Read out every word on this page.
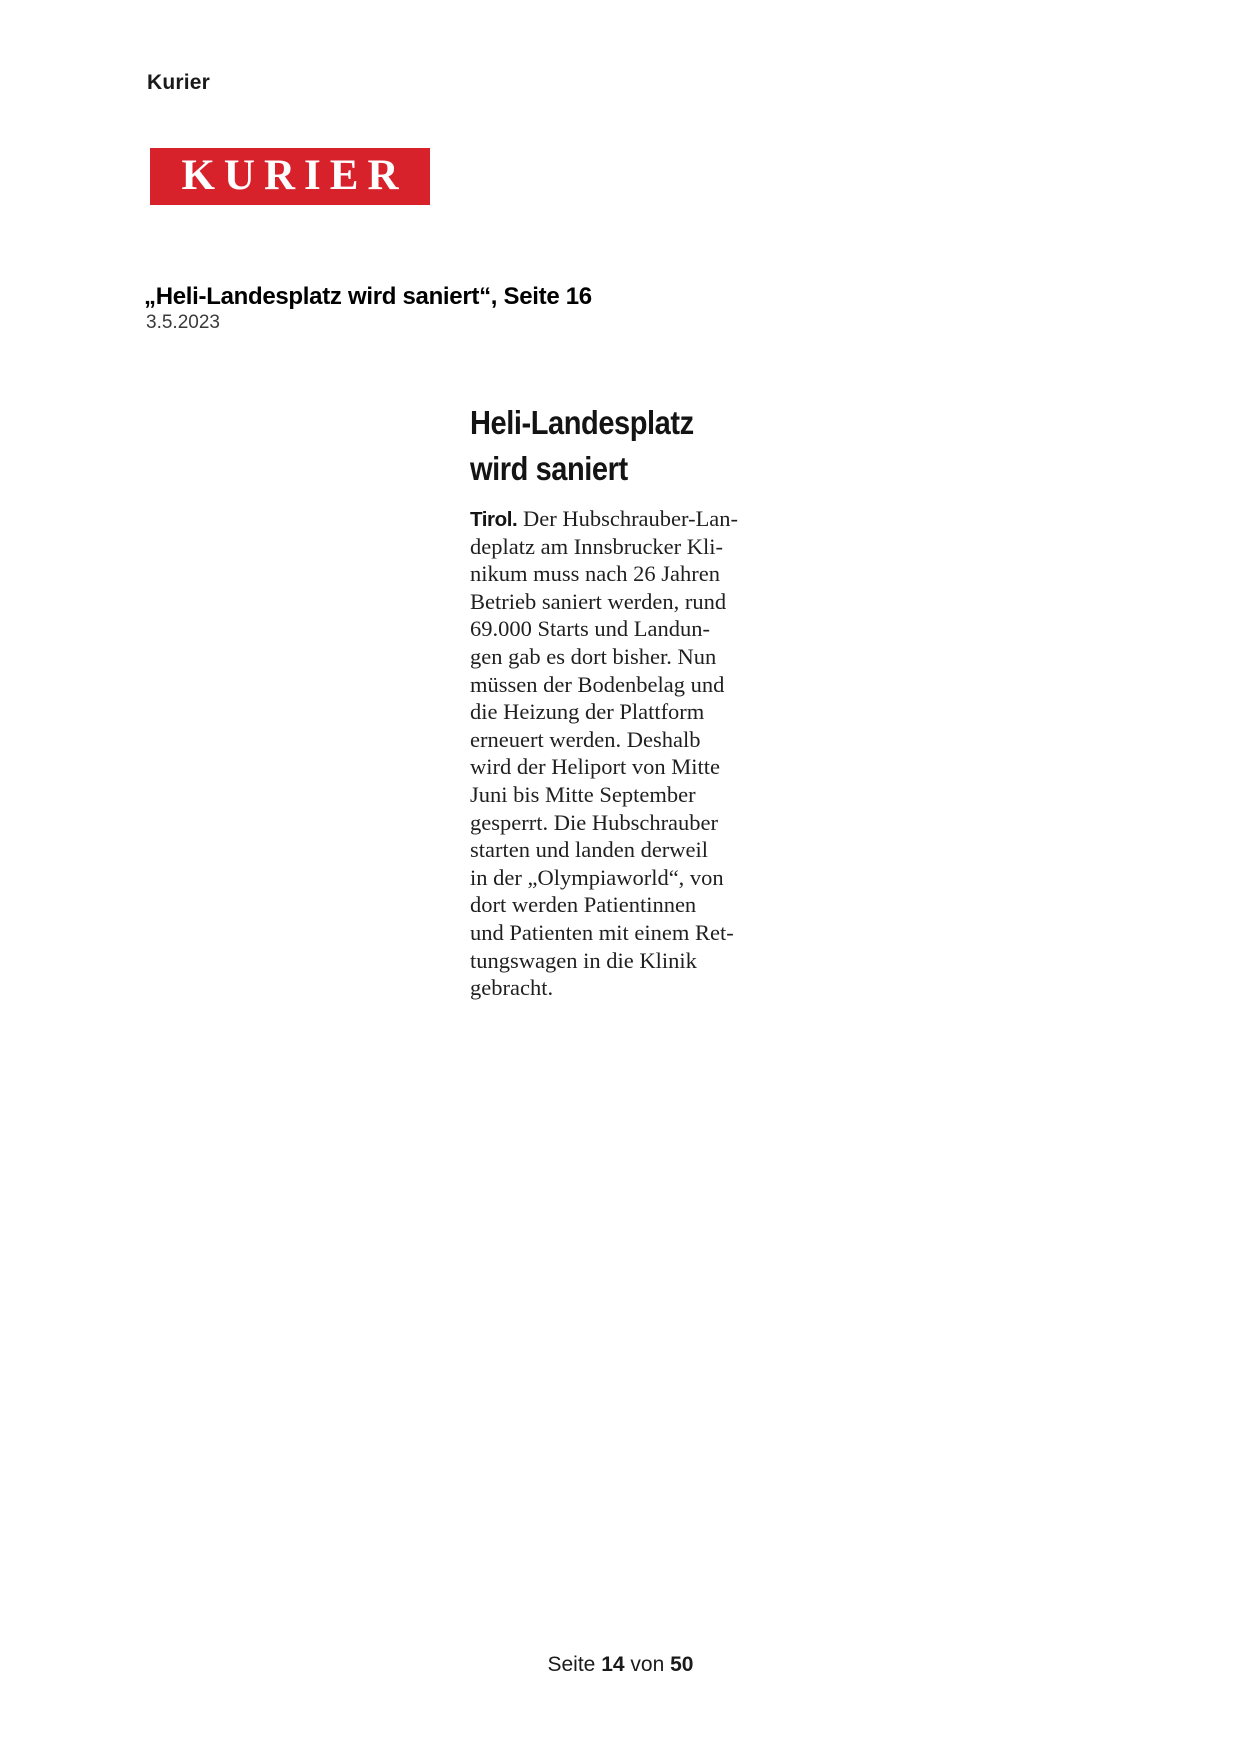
Kurier
KURIER
„Heli-Landesplatz wird saniert“, Seite 16
3.5.2023
Heli-Landesplatz
wird saniert
Tirol. Der Hubschrauber-Lan-
deplatz am Innsbrucker Kli-
nikum muss nach 26 Jahren
Betrieb saniert werden, rund
69.000 Starts und Landun-
gen gab es dort bisher. Nun
müssen der Bodenbelag und
die Heizung der Plattform
erneuert werden. Deshalb
wird der Heliport von Mitte
Juni bis Mitte September
gesperrt. Die Hubschrauber
starten und landen derweil
in der „Olympiaworld“, von
dort werden Patientinnen
und Patienten mit einem Ret-
tungswagen in die Klinik
gebracht.
Seite 14 von 50
